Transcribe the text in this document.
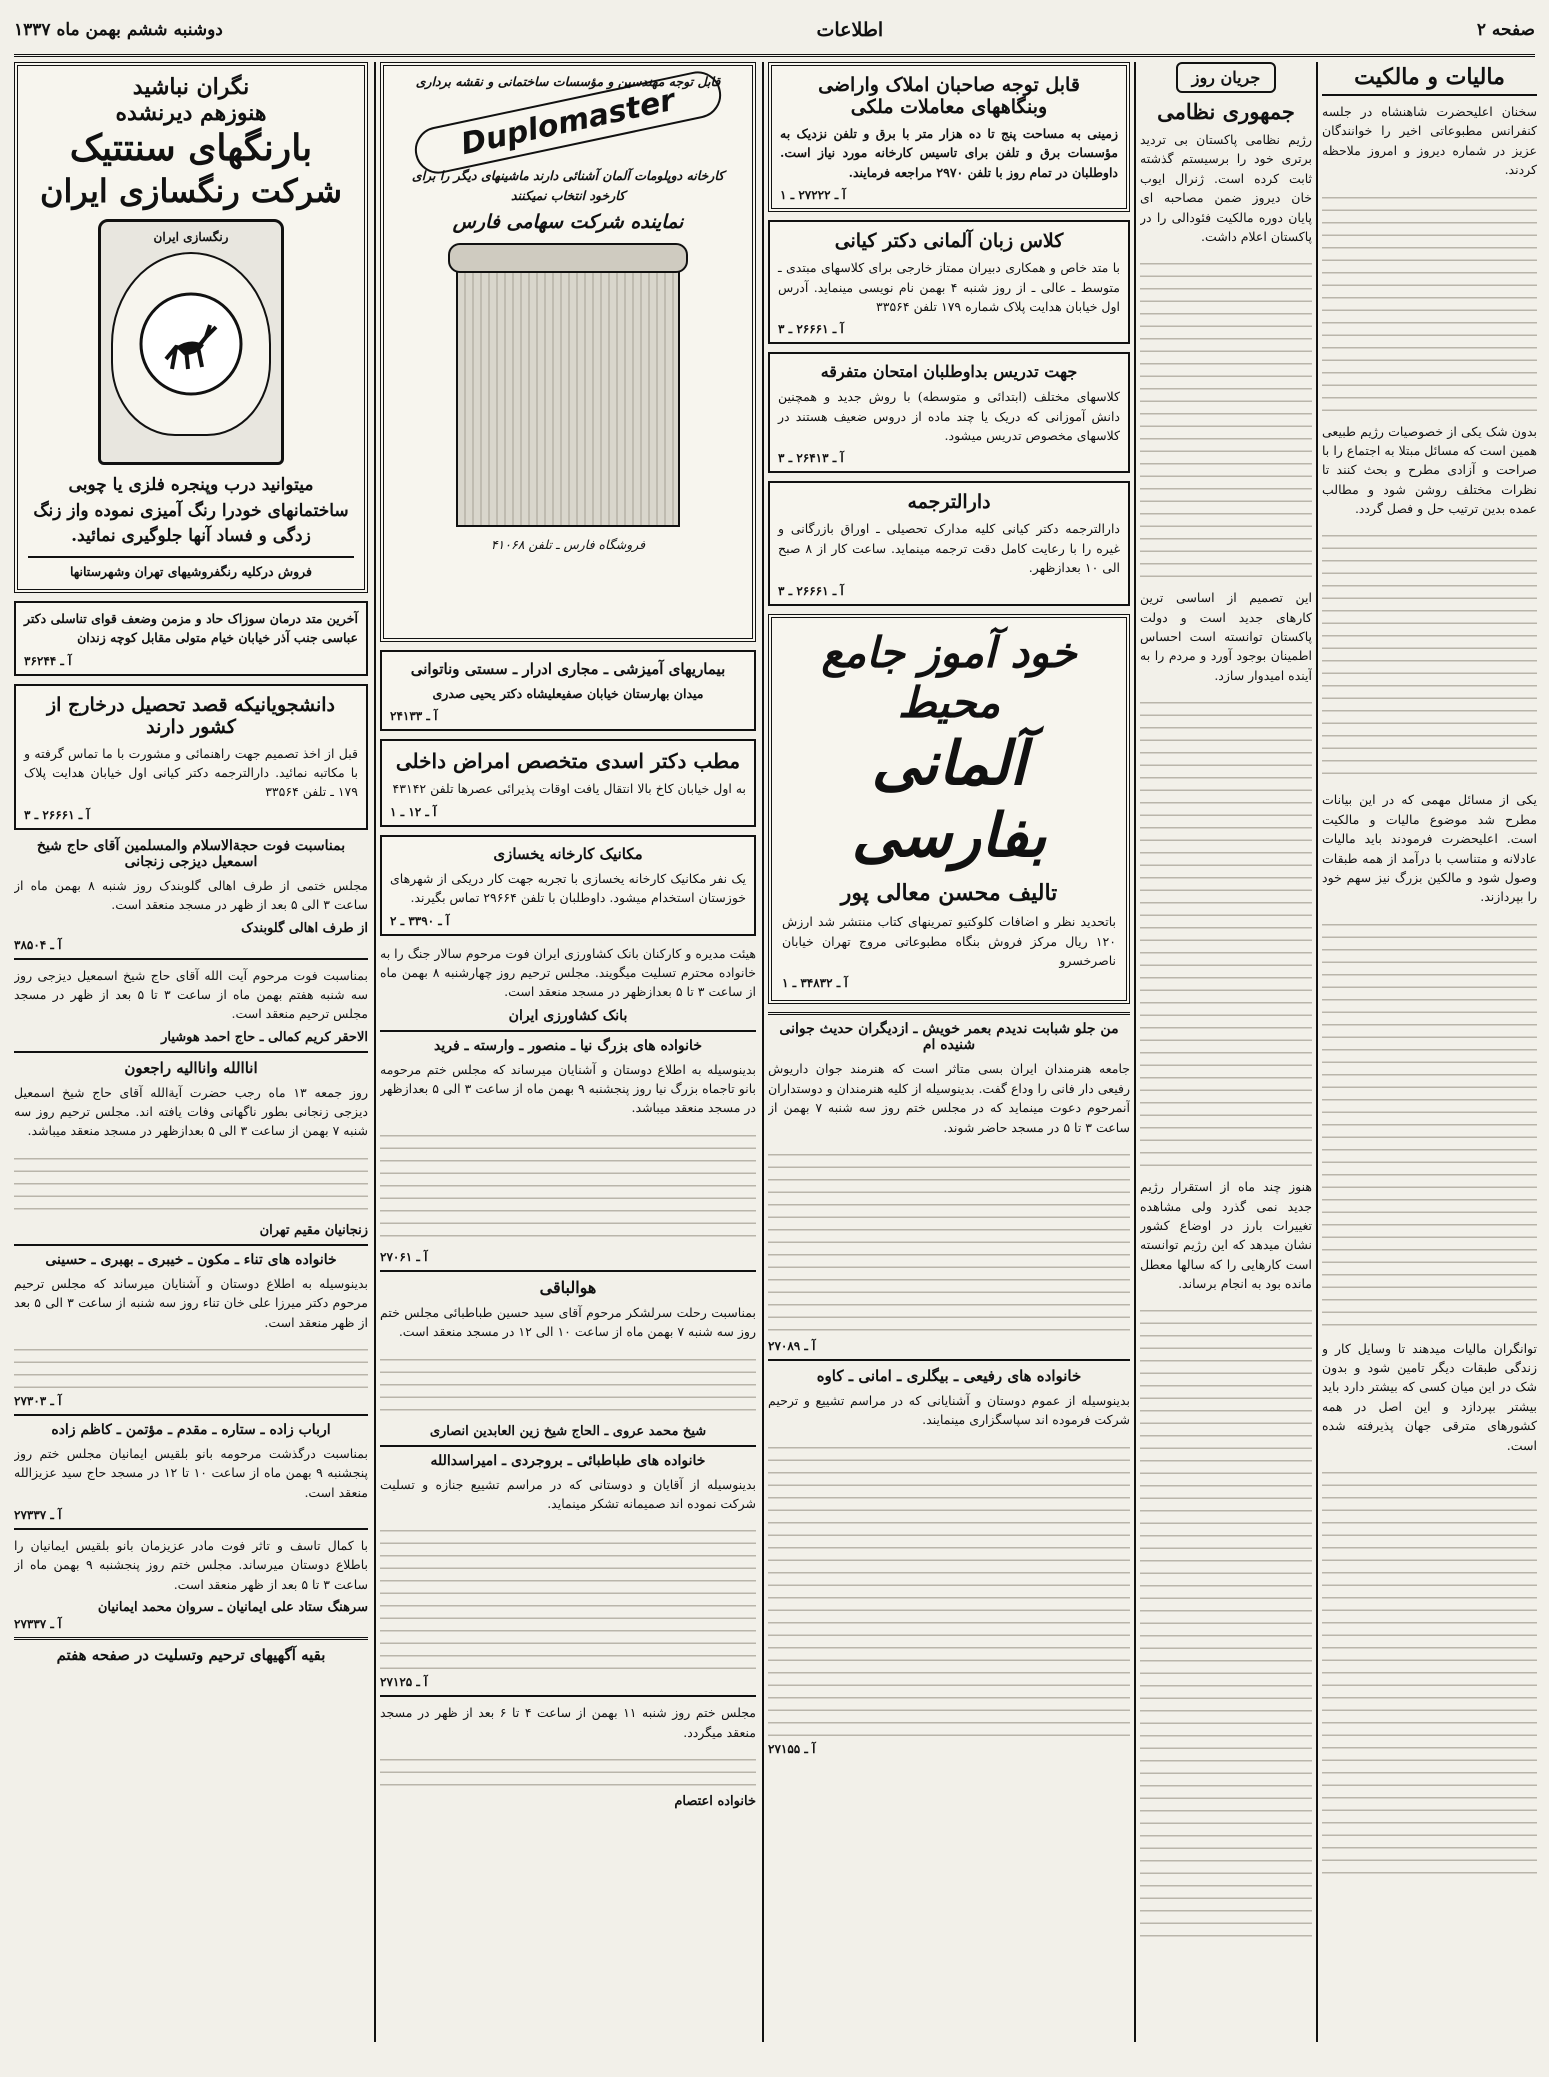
صفحه ۲
اطلاعات
دوشنبه ششم بهمن ماه ۱۳۳۷
مالیات و مالکیت

سخنان اعلیحضرت شاهنشاه در جلسه کنفرانس مطبوعاتی اخیر را خوانندگان عزیز در شماره دیروز و امروز ملاحظه کردند.

بدون شک یکی از خصوصیات رژیم طبیعی همین است که مسائل مبتلا به اجتماع را با صراحت و آزادی مطرح و بحث کنند تا نظرات مختلف روشن شود و مطالب عمده بدین ترتیب حل و فصل گردد.

یکی از مسائل مهمی که در این بیانات مطرح شد موضوع مالیات و مالکیت است. اعلیحضرت فرمودند باید مالیات عادلانه و متناسب با درآمد از همه طبقات وصول شود و مالکین بزرگ نیز سهم خود را بپردازند.

توانگران مالیات میدهند تا وسایل کار و زندگی طبقات دیگر تامین شود و بدون شک در این میان کسی که بیشتر دارد باید بیشتر بپردازد و این اصل در همه کشورهای مترقی جهان پذیرفته شده است.

جریان روز
جمهوری نظامی

رژیم نظامی پاکستان بی تردید برتری خود را برسیستم گذشته ثابت کرده است. ژنرال ایوب خان دیروز ضمن مصاحبه ای پایان دوره مالکیت فئودالی را در پاکستان اعلام داشت.

این تصمیم از اساسی ترین کارهای جدید است و دولت پاکستان توانسته است احساس اطمینان بوجود آورد و مردم را به آینده امیدوار سازد.

هنوز چند ماه از استقرار رژیم جدید نمی گذرد ولی مشاهده تغییرات بارز در اوضاع کشور نشان میدهد که این رژیم توانسته است کارهایی را که سالها معطل مانده بود به انجام برساند.

قابل توجه صاحبان املاک واراضی وبنگاههای معاملات ملکی

زمینی به مساحت پنج تا ده هزار متر با برق و تلفن نزدیک به مؤسسات برق و تلفن برای تاسیس کارخانه مورد نیاز است. داوطلبان در تمام روز با تلفن ۲۹۷۰ مراجعه فرمایند.

آ ـ ۲۷۲۲۲ ـ ۱
کلاس زبان آلمانی دکتر کیانی

با متد خاص و همکاری دبیران ممتاز خارجی برای کلاسهای مبتدی ـ متوسط ـ عالی ـ از روز شنبه ۴ بهمن نام نویسی مینماید. آدرس اول خیابان هدایت پلاک شماره ۱۷۹ تلفن ۳۳۵۶۴

آ ـ ۲۶۶۶۱ ـ ۳
جهت تدریس بداوطلبان امتحان متفرقه

کلاسهای مختلف (ابتدائی و متوسطه) با روش جدید و همچنین دانش آموزانی که دریک یا چند ماده از دروس ضعیف هستند در کلاسهای مخصوص تدریس میشود.

آ ـ ۲۶۴۱۳ ـ ۳
دارالترجمه

دارالترجمه دکتر کیانی کلیه مدارک تحصیلی ـ اوراق بازرگانی و غیره را با رعایت کامل دقت ترجمه مینماید. ساعت کار از ۸ صبح الی ۱۰ بعدازظهر.

آ ـ ۲۶۶۶۱ ـ ۳
خود آموز جامع محیط
آلمانی بفارسی
تالیف محسن معالی پور

باتحدید نظر و اضافات کلوکتیو تمرینهای کتاب منتشر شد ارزش ۱۲۰ ریال مرکز فروش بنگاه مطبوعاتی مروج تهران خیابان ناصرخسرو

آ ـ ۳۴۸۳۲ ـ ۱
من جلو شبابت ندیدم بعمر خویش ـ ازدیگران حدیث جوانی شنیده ام

جامعه هنرمندان ایران بسی متاثر است که هنرمند جوان داریوش رفیعی دار فانی را وداع گفت. بدینوسیله از کلیه هنرمندان و دوستداران آنمرحوم دعوت مینماید که در مجلس ختم روز سه شنبه ۷ بهمن از ساعت ۳ تا ۵ در مسجد حاضر شوند.

آ ـ ۲۷۰۸۹
خانواده های رفیعی ـ بیگلری ـ امانی ـ کاوه

بدینوسیله از عموم دوستان و آشنایانی که در مراسم تشییع و ترحیم شرکت فرموده اند سپاسگزاری مینمایند.

آ ـ ۲۷۱۵۵
قابل توجه مهندسین و مؤسسات ساختمانی و نقشه برداری
Duplomaster
کارخانه دوپلومات آلمان آشنائی دارند ماشینهای دیگر را برای کارخود انتخاب نمیکنند
نماینده شرکت سهامی فارس
فروشگاه فارس ـ تلفن ۴۱۰۶۸
بیماریهای آمیزشی ـ مجاری ادرار ـ سستی وناتوانی

میدان بهارستان خیابان صفیعلیشاه دکتر یحیی صدری

آ ـ ۲۴۱۳۳
مطب دکتر اسدی متخصص امراض داخلی

به اول خیابان کاخ بالا انتقال یافت اوقات پذیرائی عصرها تلفن ۴۳۱۴۲

آ ـ ۱۲ ـ ۱
مکانیک کارخانه یخسازی

یک نفر مکانیک کارخانه یخسازی با تجربه جهت کار دریکی از شهرهای خوزستان استخدام میشود. داوطلبان با تلفن ۲۹۶۶۴ تماس بگیرند.

آ ـ ۳۳۹۰ ـ ۲

هیئت مدیره و کارکنان بانک کشاورزی ایران فوت مرحوم سالار جنگ را به خانواده محترم تسلیت میگویند. مجلس ترحیم روز چهارشنبه ۸ بهمن ماه از ساعت ۳ تا ۵ بعدازظهر در مسجد منعقد است.

بانک کشاورزی ایران
خانواده های بزرگ نیا ـ منصور ـ وارسته ـ فرید

بدینوسیله به اطلاع دوستان و آشنایان میرساند که مجلس ختم مرحومه بانو تاجماه بزرگ نیا روز پنجشنبه ۹ بهمن ماه از ساعت ۳ الی ۵ بعدازظهر در مسجد منعقد میباشد.

آ ـ ۲۷۰۶۱
هوالباقی

بمناسبت رحلت سرلشکر مرحوم آقای سید حسین طباطبائی مجلس ختم روز سه شنبه ۷ بهمن ماه از ساعت ۱۰ الی ۱۲ در مسجد منعقد است.

شیخ محمد عروی ـ الحاج شیخ زین العابدین انصاری
خانواده های طباطبائی ـ بروجردی ـ امیراسدالله

بدینوسیله از آقایان و دوستانی که در مراسم تشییع جنازه و تسلیت شرکت نموده اند صمیمانه تشکر مینماید.

آ ـ ۲۷۱۲۵

مجلس ختم روز شنبه ۱۱ بهمن از ساعت ۴ تا ۶ بعد از ظهر در مسجد منعقد میگردد.

خانواده اعتصام
نگران نباشید
هنوزهم دیرنشده
بارنگهای سنتتیک
شرکت رنگسازی ایران
رنگسازی ایران

میتوانید درب وپنجره فلزی یا چوبی ساختمانهای خودرا رنگ آمیزی نموده واز زنگ زدگی و فساد آنها جلوگیری نمائید.

فروش درکلیه رنگفروشیهای تهران وشهرستانها

آخرین متد درمان سوزاک حاد و مزمن وضعف قوای تناسلی دکتر عباسی جنب آذر خیابان خیام متولی مقابل کوچه زندان

آ ـ ۳۶۲۴۴
دانشجویانیکه قصد تحصیل درخارج از کشور دارند

قبل از اخذ تصمیم جهت راهنمائی و مشورت با ما تماس گرفته و با مکاتبه نمائید. دارالترجمه دکتر کیانی اول خیابان هدایت پلاک ۱۷۹ ـ تلفن ۳۳۵۶۴

آ ـ ۲۶۶۶۱ ـ ۳
بمناسبت فوت حجةالاسلام والمسلمین آقای حاج شیخ اسمعیل دیزجی زنجانی

مجلس ختمی از طرف اهالی گلوبندک روز شنبه ۸ بهمن ماه از ساعت ۳ الی ۵ بعد از ظهر در مسجد منعقد است.

از طرف اهالی گلوبندک
آ ـ ۳۸۵۰۴

بمناسبت فوت مرحوم آیت الله آقای حاج شیخ اسمعیل دیزجی روز سه شنبه هفتم بهمن ماه از ساعت ۳ تا ۵ بعد از ظهر در مسجد مجلس ترحیم منعقد است.

الاحقر کریم کمالی ـ حاج احمد هوشیار
اناالله وانااليه راجعون

روز جمعه ۱۳ ماه رجب حضرت آیةالله آقای حاج شیخ اسمعیل دیزجی زنجانی بطور ناگهانی وفات یافته اند. مجلس ترحیم روز سه شنبه ۷ بهمن از ساعت ۳ الی ۵ بعدازظهر در مسجد منعقد میباشد.

زنجانیان مقیم تهران
خانواده های تناء ـ مکون ـ خیبری ـ بهبری ـ حسینی

بدینوسیله به اطلاع دوستان و آشنایان میرساند که مجلس ترحیم مرحوم دکتر میرزا علی خان تناء روز سه شنبه از ساعت ۳ الی ۵ بعد از ظهر منعقد است.

آ ـ ۲۷۳۰۳
ارباب زاده ـ ستاره ـ مقدم ـ مؤتمن ـ کاظم زاده

بمناسبت درگذشت مرحومه بانو بلقیس ایمانیان مجلس ختم روز پنجشنبه ۹ بهمن ماه از ساعت ۱۰ تا ۱۲ در مسجد حاج سید عزیزالله منعقد است.

آ ـ ۲۷۳۳۷

با کمال تاسف و تاثر فوت مادر عزیزمان بانو بلقیس ایمانیان را باطلاع دوستان میرساند. مجلس ختم روز پنجشنبه ۹ بهمن ماه از ساعت ۳ تا ۵ بعد از ظهر منعقد است.

سرهنگ ستاد علی ایمانیان ـ سروان محمد ایمانیان
آ ـ ۲۷۳۳۷
بقیه آگهیهای ترحیم وتسلیت در صفحه هفتم
